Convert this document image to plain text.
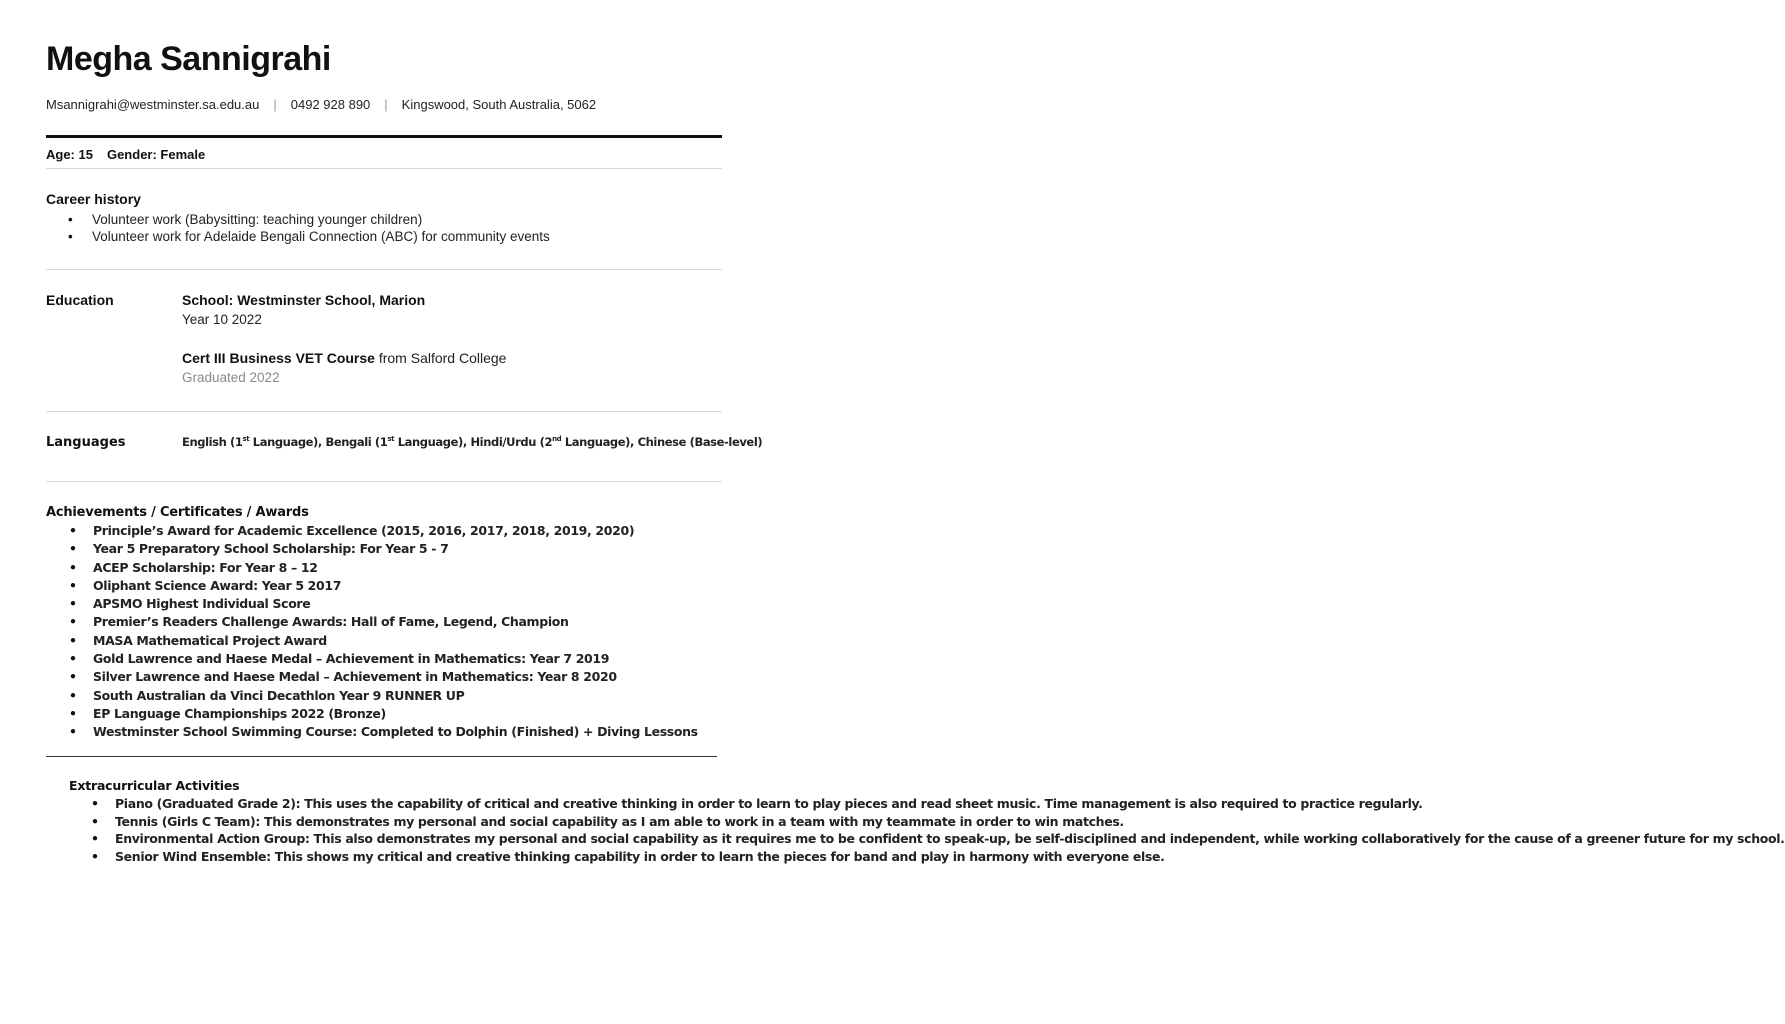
Megha Sannigrahi
Msannigrahi@westminster.sa.edu.au | 0492 928 890 | Kingswood, South Australia, 5062
Age: 15 Gender: Female
Career history
• Volunteer work (Babysitting: teaching younger children)
• Volunteer work for Adelaide Bengali Connection (ABC) for community events
Education	School: Westminster School, Marion
Year 10 2022
Cert III Business VET Course from Salford College
Graduated 2022
Languages	English (1st Language), Bengali (1st Language), Hindi/Urdu (2nd Language), Chinese (Base-level)
Achievements / Certificates / Awards
• Principle’s Award for Academic Excellence (2015, 2016, 2017, 2018, 2019, 2020)
• Year 5 Preparatory School Scholarship: For Year 5 - 7
• ACEP Scholarship: For Year 8 – 12
• Oliphant Science Award: Year 5 2017
• APSMO Highest Individual Score
• Premier’s Readers Challenge Awards: Hall of Fame, Legend, Champion
• MASA Mathematical Project Award
• Gold Lawrence and Haese Medal – Achievement in Mathematics: Year 7 2019
• Silver Lawrence and Haese Medal – Achievement in Mathematics: Year 8 2020
• South Australian da Vinci Decathlon Year 9 RUNNER UP
• EP Language Championships 2022 (Bronze)
• Westminster School Swimming Course: Completed to Dolphin (Finished) + Diving Lessons
Extracurricular Activities
• Piano (Graduated Grade 2): This uses the capability of critical and creative thinking in order to learn to play pieces and read sheet music. Time management is also required to practice regularly.
• Tennis (Girls C Team): This demonstrates my personal and social capability as I am able to work in a team with my teammate in order to win matches.
• Environmental Action Group: This also demonstrates my personal and social capability as it requires me to be confident to speak-up, be self-disciplined and independent, while working collaboratively for the cause of a greener future for my school.
• Senior Wind Ensemble: This shows my critical and creative thinking capability in order to learn the pieces for band and play in harmony with everyone else.
